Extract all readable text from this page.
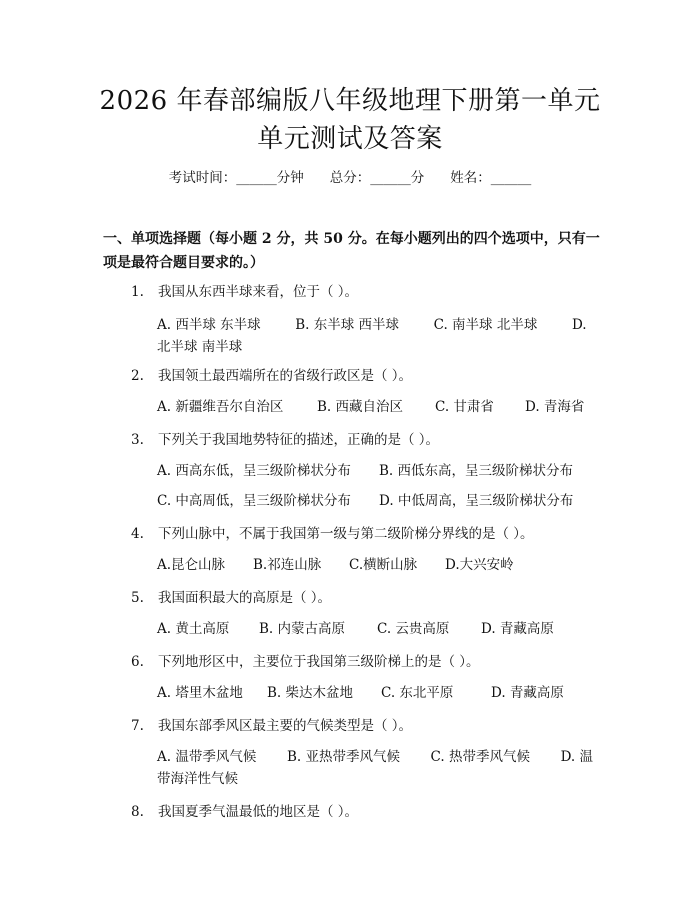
2026 年春部编版八年级地理下册第一单元单元测试及答案
考试时间：______分钟 总分：______分 姓名：______
一、单项选择题（每小题 2 分，共 50 分。在每小题列出的四个选项中，只有一项是最符合题目要求的。）
1. 我国从东西半球来看，位于（ ）。
A. 西半球 东半球	B. 东半球 西半球	C. 南半球 北半球	D. 北半球 南半球
2. 我国领土最西端所在的省级行政区是（ ）。
A. 新疆维吾尔自治区	B. 西藏自治区	C. 甘肃省	D. 青海省
3. 下列关于我国地势特征的描述，正确的是（ ）。
A. 西高东低，呈三级阶梯状分布	B. 西低东高，呈三级阶梯状分布
C. 中高周低，呈三级阶梯状分布	D. 中低周高，呈三级阶梯状分布
4. 下列山脉中，不属于我国第一级与第二级阶梯分界线的是（ ）。
A.昆仑山脉	B.祁连山脉	C.横断山脉	D.大兴安岭
5. 我国面积最大的高原是（ ）。
A. 黄土高原	B. 内蒙古高原	C. 云贵高原	D. 青藏高原
6. 下列地形区中，主要位于我国第三级阶梯上的是（ ）。
A. 塔里木盆地	B. 柴达木盆地	C. 东北平原	D. 青藏高原
7. 我国东部季风区最主要的气候类型是（ ）。
A. 温带季风气候 B. 亚热带季风气候 C. 热带季风气候 D. 温带海洋性气候
8. 我国夏季气温最低的地区是（ ）。
